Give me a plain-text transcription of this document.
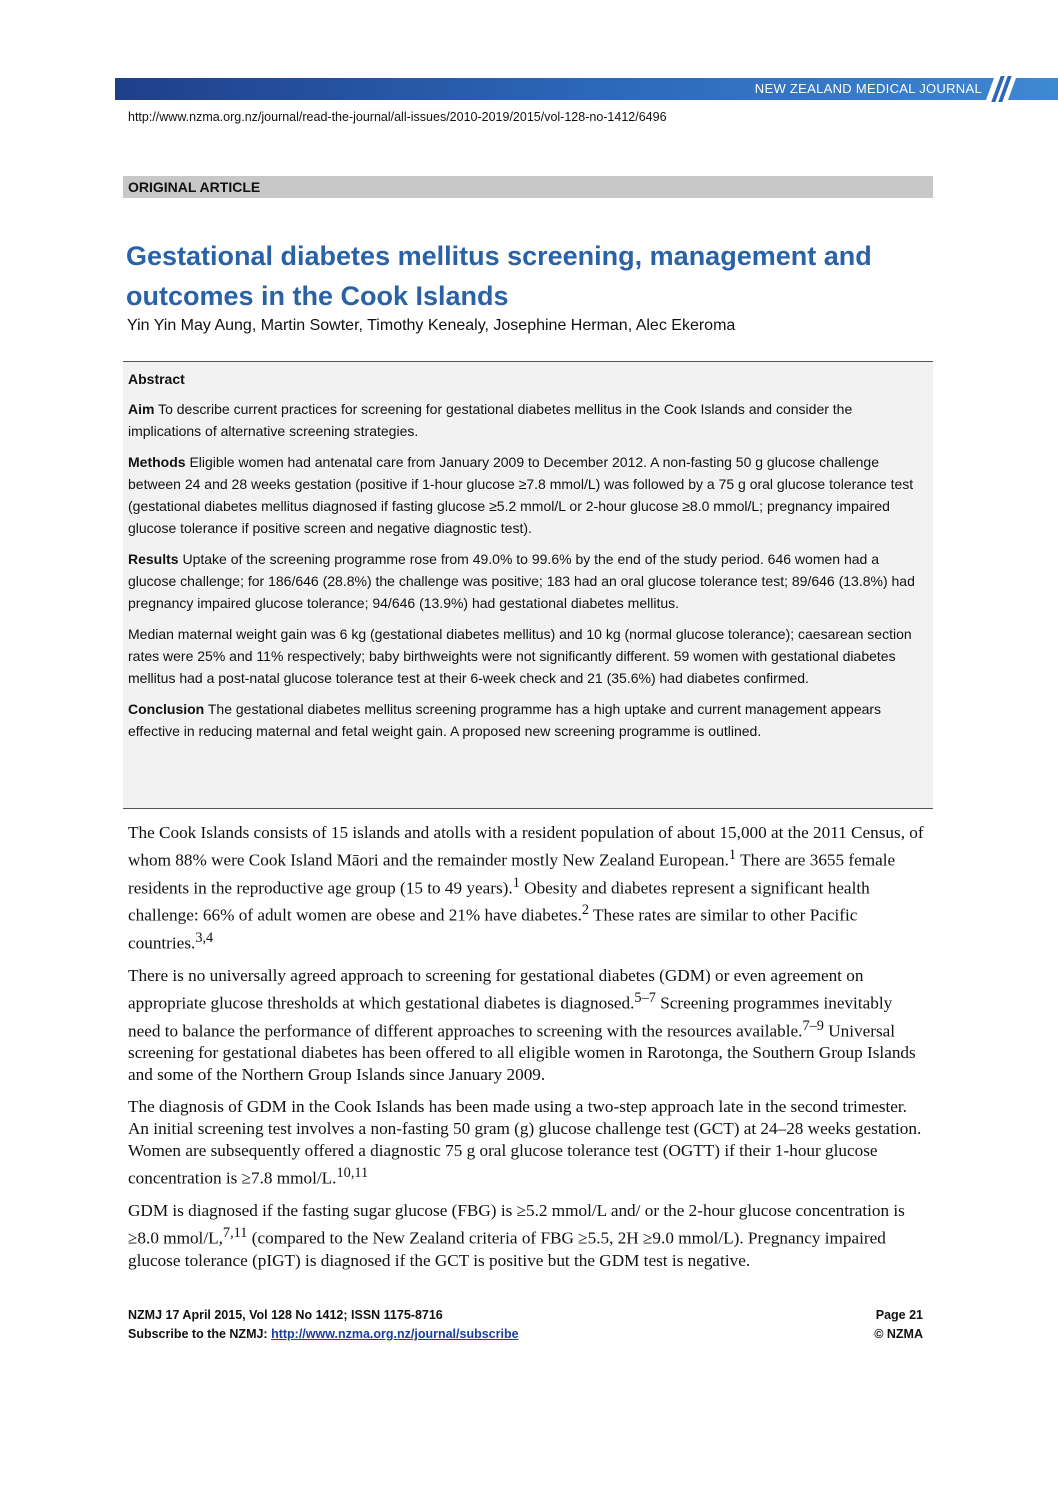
NEW ZEALAND MEDICAL JOURNAL
http://www.nzma.org.nz/journal/read-the-journal/all-issues/2010-2019/2015/vol-128-no-1412/6496
ORIGINAL ARTICLE
Gestational diabetes mellitus screening, management and outcomes in the Cook Islands
Yin Yin May Aung, Martin Sowter, Timothy Kenealy, Josephine Herman, Alec Ekeroma

Abstract

Aim To describe current practices for screening for gestational diabetes mellitus in the Cook Islands and consider the implications of alternative screening strategies.

Methods Eligible women had antenatal care from January 2009 to December 2012. A non-fasting 50 g glucose challenge between 24 and 28 weeks gestation (positive if 1-hour glucose ≥7.8 mmol/L) was followed by a 75 g oral glucose tolerance test (gestational diabetes mellitus diagnosed if fasting glucose ≥5.2 mmol/L or 2-hour glucose ≥8.0 mmol/L; pregnancy impaired glucose tolerance if positive screen and negative diagnostic test).

Results Uptake of the screening programme rose from 49.0% to 99.6% by the end of the study period. 646 women had a glucose challenge; for 186/646 (28.8%) the challenge was positive; 183 had an oral glucose tolerance test; 89/646 (13.8%) had pregnancy impaired glucose tolerance; 94/646 (13.9%) had gestational diabetes mellitus.

Median maternal weight gain was 6 kg (gestational diabetes mellitus) and 10 kg (normal glucose tolerance); caesarean section rates were 25% and 11% respectively; baby birthweights were not significantly different. 59 women with gestational diabetes mellitus had a post-natal glucose tolerance test at their 6-week check and 21 (35.6%) had diabetes confirmed.

Conclusion The gestational diabetes mellitus screening programme has a high uptake and current management appears effective in reducing maternal and fetal weight gain. A proposed new screening programme is outlined.

The Cook Islands consists of 15 islands and atolls with a resident population of about 15,000 at the 2011 Census, of whom 88% were Cook Island Māori and the remainder mostly New Zealand European.$^1$ There are 3655 female residents in the reproductive age group (15 to 49 years).$^1$ Obesity and diabetes represent a significant health challenge: 66% of adult women are obese and 21% have diabetes.$^2$ These rates are similar to other Pacific countries.$^{3,4}$

There is no universally agreed approach to screening for gestational diabetes (GDM) or even agreement on appropriate glucose thresholds at which gestational diabetes is diagnosed.$^{5-7}$ Screening programmes inevitably need to balance the performance of different approaches to screening with the resources available.$^{7-9}$ Universal screening for gestational diabetes has been offered to all eligible women in Rarotonga, the Southern Group Islands and some of the Northern Group Islands since January 2009.

The diagnosis of GDM in the Cook Islands has been made using a two-step approach late in the second trimester. An initial screening test involves a non-fasting 50 gram (g) glucose challenge test (GCT) at 24–28 weeks gestation. Women are subsequently offered a diagnostic 75 g oral glucose tolerance test (OGTT) if their 1-hour glucose concentration is ≥7.8 mmol/L.$^{10,11}$

GDM is diagnosed if the fasting sugar glucose (FBG) is ≥5.2 mmol/L and/ or the 2-hour glucose concentration is ≥8.0 mmol/L,$^{7,11}$ (compared to the New Zealand criteria of FBG ≥5.5, 2H ≥9.0 mmol/L). Pregnancy impaired glucose tolerance (pIGT) is diagnosed if the GCT is positive but the GDM test is negative.

NZMJ 17 April 2015, Vol 128 No 1412; ISSN 1175-8716
Subscribe to the NZMJ: http://www.nzma.org.nz/journal/subscribe
Page 21
© NZMA
